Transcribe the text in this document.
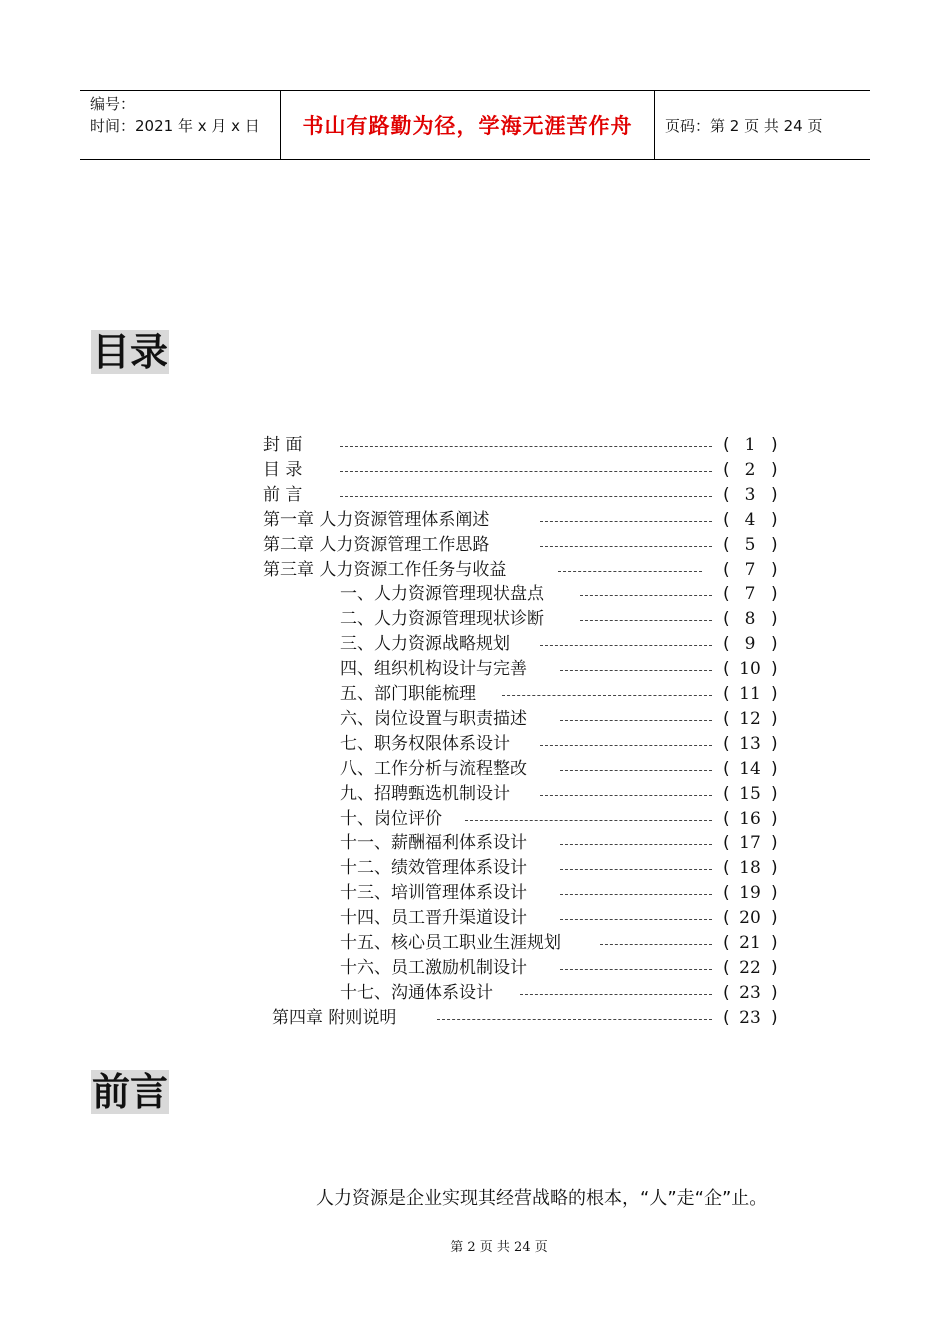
编号：
时间：2021 年 x 月 x 日	书山有路勤为径，学海无涯苦作舟 页码：第 2 页 共 24 页
目录
封 面	( 1 )
目 录	( 2 )
前 言	( 3 )
第一章 人力资源管理体系阐述	( 4 )
第二章 人力资源管理工作思路	( 5 )
第三章 人力资源工作任务与收益	( 7 )
一、人力资源管理现状盘点	( 7 )
二、人力资源管理现状诊断	( 8 )
三、人力资源战略规划	( 9 )
四、组织机构设计与完善	( 10 )
五、部门职能梳理	( 11 )
六、岗位设置与职责描述	( 12 )
七、职务权限体系设计	( 13 )
八、工作分析与流程整改	( 14 )
九、招聘甄选机制设计	( 15 )
十、岗位评价	( 16 )
十一、薪酬福利体系设计	( 17 )
十二、绩效管理体系设计	( 18 )
十三、培训管理体系设计	( 19 )
十四、员工晋升渠道设计	( 20 )
十五、核心员工职业生涯规划	( 21 )
十六、员工激励机制设计	( 22 )
十七、沟通体系设计	( 23 )
第四章 附则说明	( 23 )
前言
人力资源是企业实现其经营战略的根本，“人”走“企”止。
第 2 页 共 24 页
